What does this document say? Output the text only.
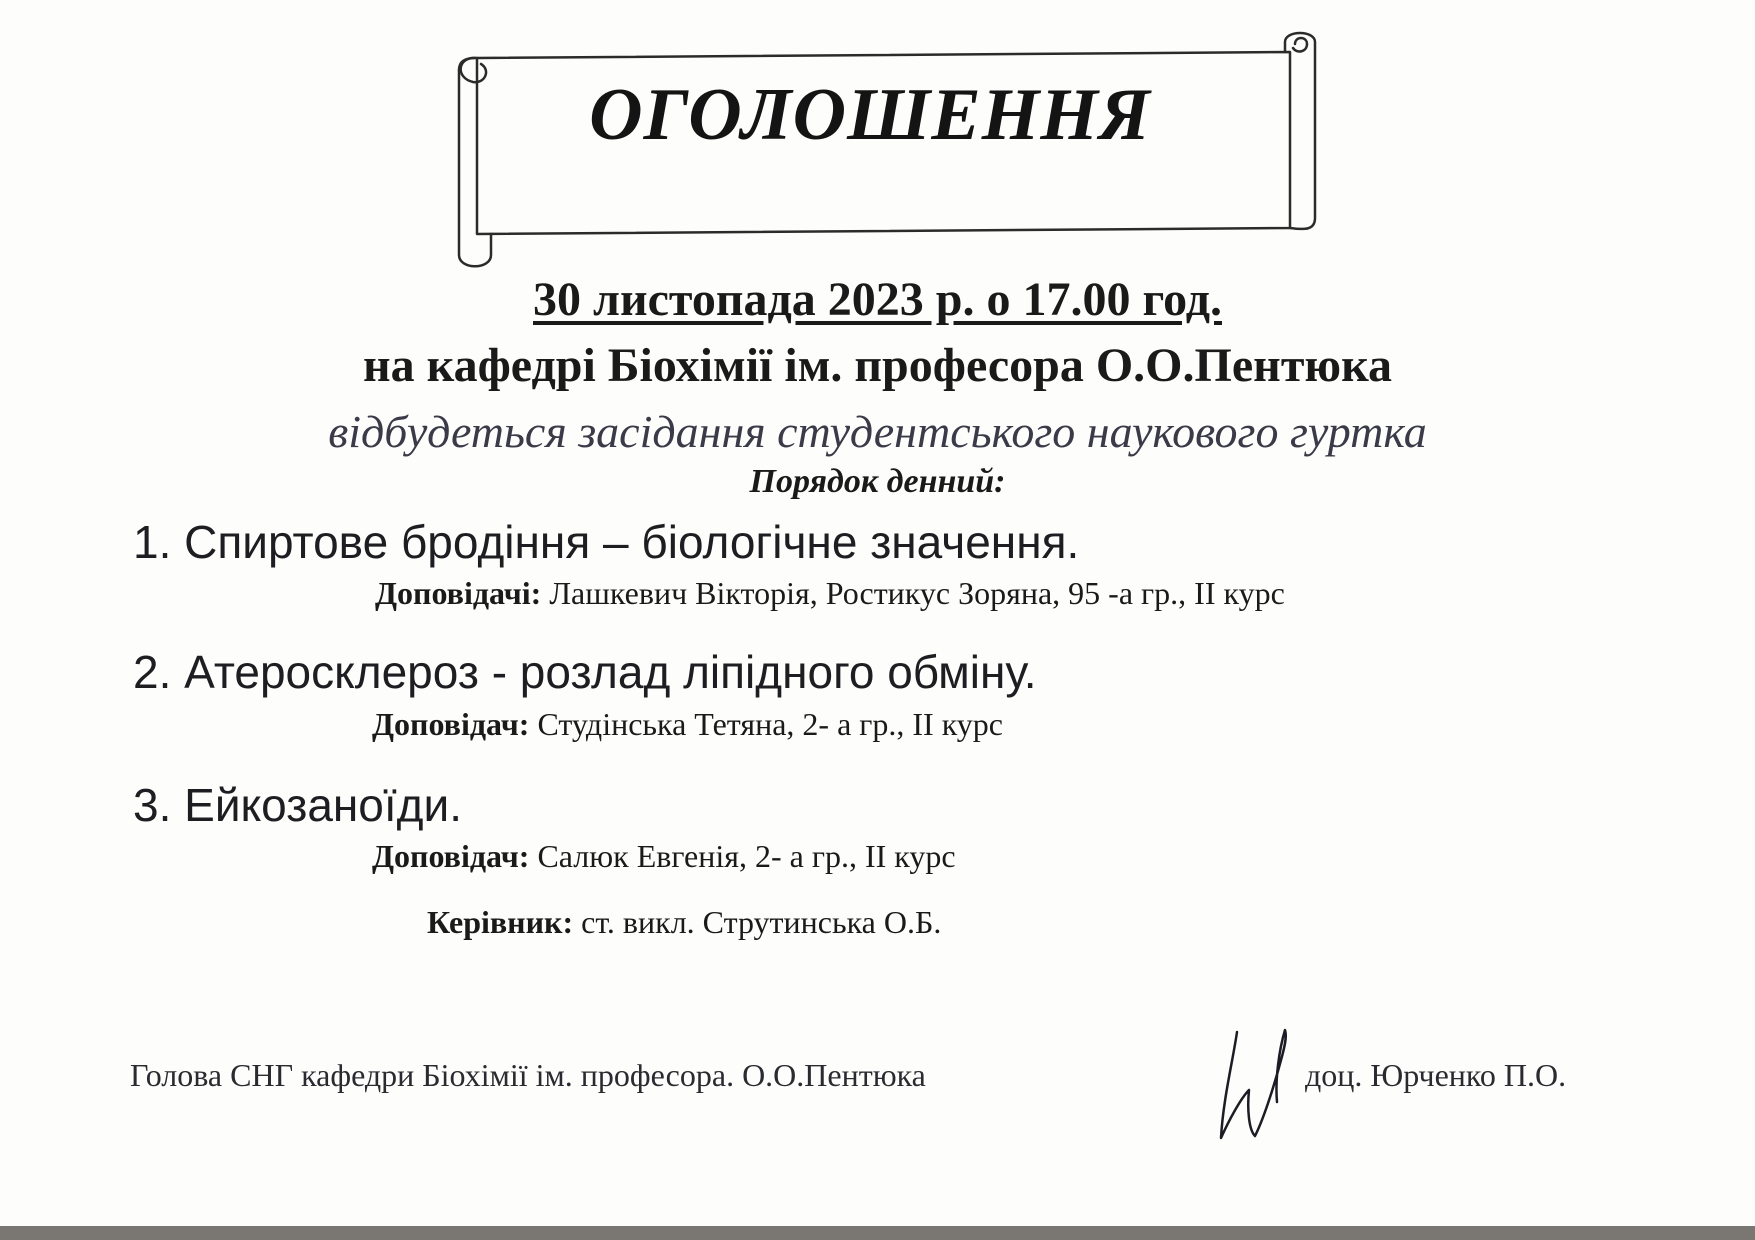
ОГОЛОШЕННЯ
30 листопада 2023 р. о 17.00 год.
на кафедрі Біохімії ім. професора О.О.Пентюка
відбудеться засідання студентського наукового гуртка
Порядок денний:
1. Спиртове бродіння – біологічне значення.
Доповідачі: Лашкевич Вікторія, Ростикус Зоряна, 95 -а гр., ІІ курс
2. Атеросклероз - розлад ліпідного обміну.
Доповідач: Студінська Тетяна, 2- а гр., ІІ курс
3. Ейкозаноїди.
Доповідач: Салюк Евгенія, 2- а гр., ІІ курс
Керівник: ст. викл. Струтинська О.Б.
Голова СНГ кафедри Біохімії ім. професора. О.О.Пентюка	доц. Юрченко П.О.
